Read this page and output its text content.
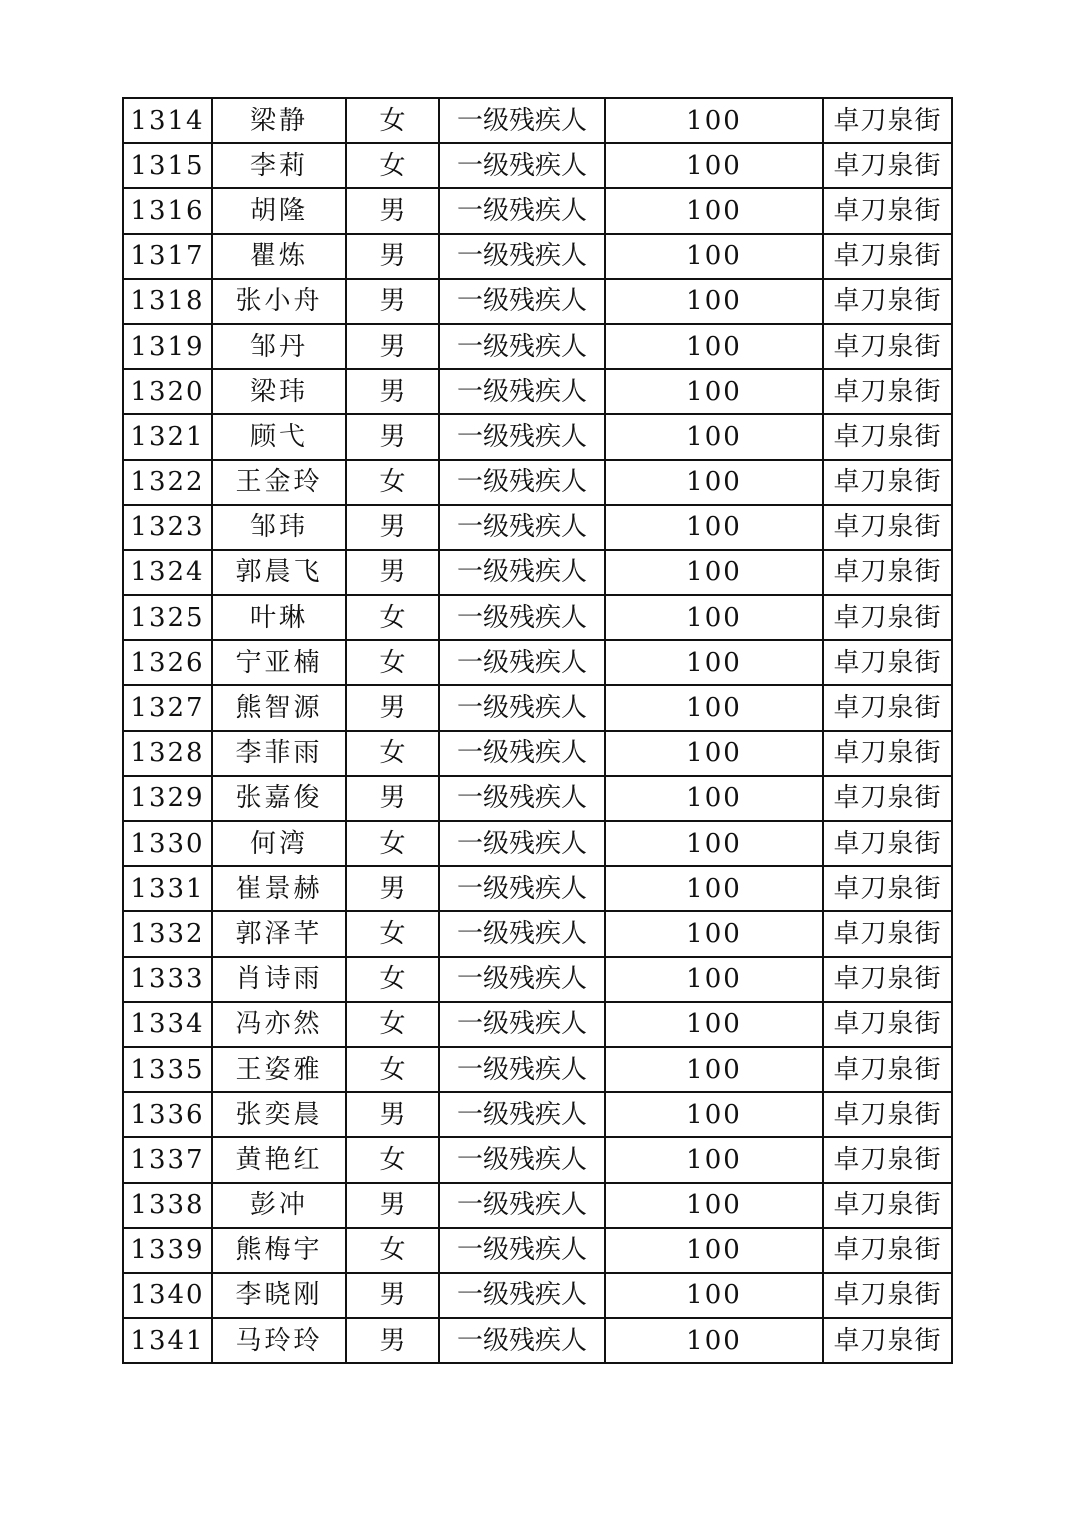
1314	梁静	女	一级残疾人	100	卓刀泉街
1315	李莉	女	一级残疾人	100	卓刀泉街
1316	胡隆	男	一级残疾人	100	卓刀泉街
1317	瞿炼	男	一级残疾人	100	卓刀泉街
1318	张小舟	男	一级残疾人	100	卓刀泉街
1319	邹丹	男	一级残疾人	100	卓刀泉街
1320	梁玮	男	一级残疾人	100	卓刀泉街
1321	顾弋	男	一级残疾人	100	卓刀泉街
1322	王金玲	女	一级残疾人	100	卓刀泉街
1323	邹玮	男	一级残疾人	100	卓刀泉街
1324	郭晨飞	男	一级残疾人	100	卓刀泉街
1325	叶琳	女	一级残疾人	100	卓刀泉街
1326	宁亚楠	女	一级残疾人	100	卓刀泉街
1327	熊智源	男	一级残疾人	100	卓刀泉街
1328	李菲雨	女	一级残疾人	100	卓刀泉街
1329	张嘉俊	男	一级残疾人	100	卓刀泉街
1330	何湾	女	一级残疾人	100	卓刀泉街
1331	崔景赫	男	一级残疾人	100	卓刀泉街
1332	郭泽芊	女	一级残疾人	100	卓刀泉街
1333	肖诗雨	女	一级残疾人	100	卓刀泉街
1334	冯亦然	女	一级残疾人	100	卓刀泉街
1335	王姿雅	女	一级残疾人	100	卓刀泉街
1336	张奕晨	男	一级残疾人	100	卓刀泉街
1337	黄艳红	女	一级残疾人	100	卓刀泉街
1338	彭冲	男	一级残疾人	100	卓刀泉街
1339	熊梅宇	女	一级残疾人	100	卓刀泉街
1340	李晓刚	男	一级残疾人	100	卓刀泉街
1341	马玲玲	男	一级残疾人	100	卓刀泉街
